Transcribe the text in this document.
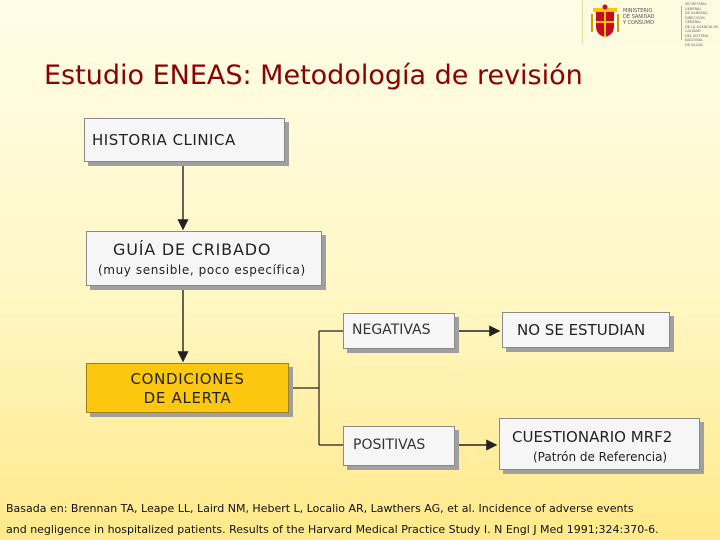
MINISTERIO
DE SANIDAD
Y CONSUMO
SECRETARÍA GENERAL
DE SANIDAD
DIRECCIÓN GENERAL
DE LA AGENCIA DE CALIDAD
DEL SISTEMA NACIONAL
DE SALUD
Estudio ENEAS: Metodología de revisión
HISTORIA CLINICA
GUÍA DE CRIBADO
(muy sensible, poco específica)
NEGATIVAS	NO SE ESTUDIAN
CONDICIONES
DE ALERTA
POSITIVAS	CUESTIONARIO MRF2
(Patrón de Referencia)
Basada en: Brennan TA, Leape LL, Laird NM, Hebert L, Localio AR, Lawthers AG, et al. Incidence of adverse events
and negligence in hospitalized patients. Results of the Harvard Medical Practice Study I. N Engl J Med 1991;324:370-6.
